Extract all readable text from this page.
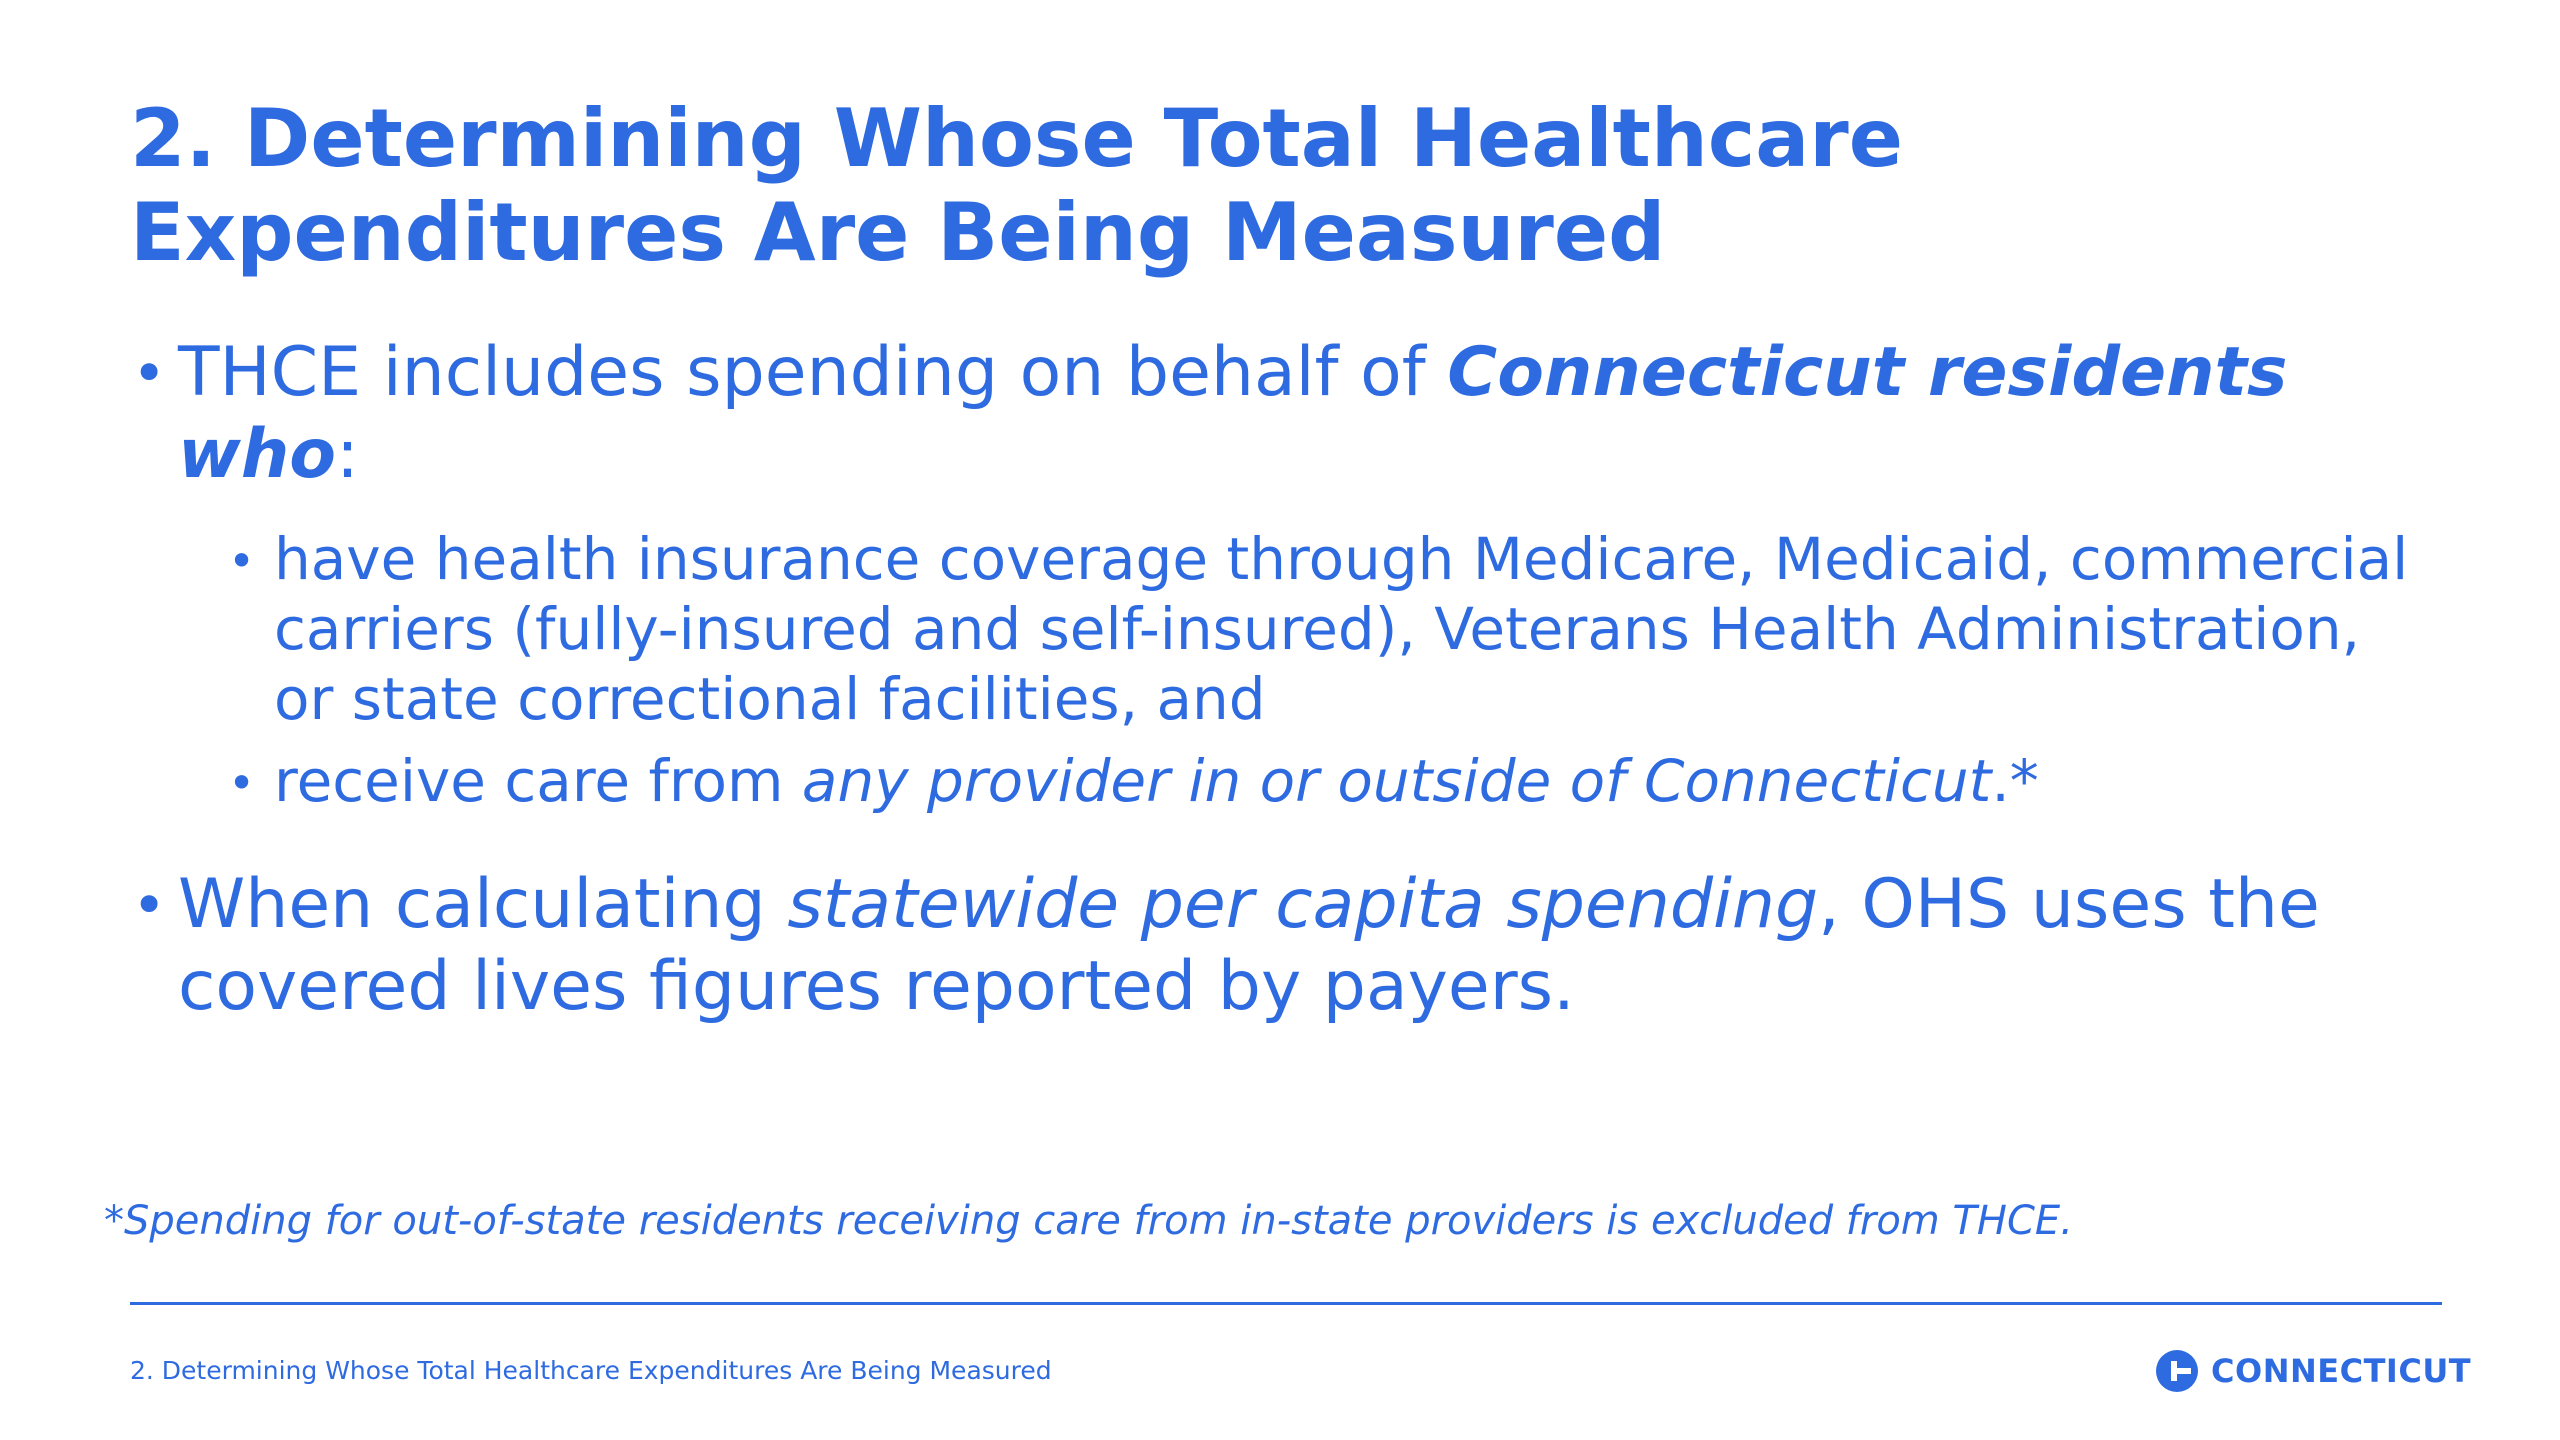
2. Determining Whose Total Healthcare Expenditures Are Being Measured
• THCE includes spending on behalf of Connecticut residents who:
• have health insurance coverage through Medicare, Medicaid, commercial carriers (fully-insured and self-insured), Veterans Health Administration, or state correctional facilities, and
• receive care from any provider in or outside of Connecticut.*
• When calculating statewide per capita spending, OHS uses the covered lives figures reported by payers.
*Spending for out-of-state residents receiving care from in-state providers is excluded from THCE.
2. Determining Whose Total Healthcare Expenditures Are Being Measured	CONNECTICUT
